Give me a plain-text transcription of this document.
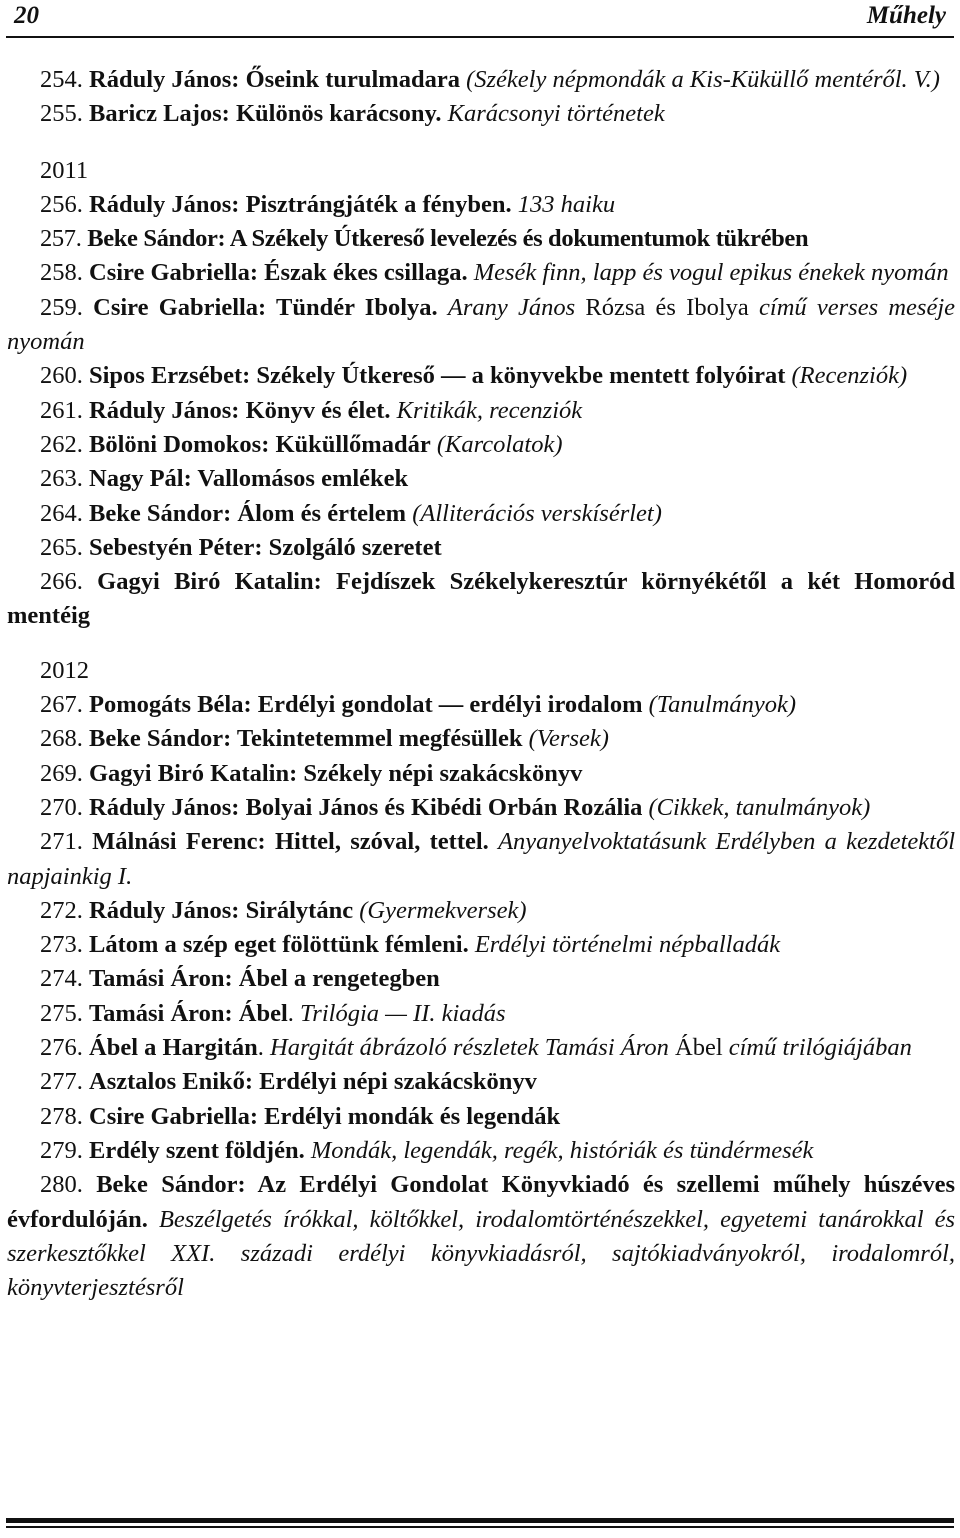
20	Műhely

254. Ráduly János: Őseink turulmadara (Székely népmondák a Kis-Küküllő mentéről. V.)

255. Baricz Lajos: Különös karácsony. Karácsonyi történetek

2011

256. Ráduly János: Pisztrángjáték a fényben. 133 haiku

257. Beke Sándor: A Székely Útkereső levelezés és dokumentumok tükrében

258. Csire Gabriella: Észak ékes csillaga. Mesék finn, lapp és vogul epikus énekek nyomán

259. Csire Gabriella: Tündér Ibolya. Arany János Rózsa és Ibolya című verses meséje nyomán

260. Sipos Erzsébet: Székely Útkereső — a könyvekbe mentett folyóirat (Recenziók)

261. Ráduly János: Könyv és élet. Kritikák, recenziók

262. Bölöni Domokos: Küküllőmadár (Karcolatok)

263. Nagy Pál: Vallomásos emlékek

264. Beke Sándor: Álom és értelem (Alliterációs verskísérlet)

265. Sebestyén Péter: Szolgáló szeretet

266. Gagyi Biró Katalin: Fejdíszek Székelykeresztúr környékétől a két Homoród mentéig

2012

267. Pomogáts Béla: Erdélyi gondolat — erdélyi irodalom (Tanulmányok)

268. Beke Sándor: Tekintetemmel megfésüllek (Versek)

269. Gagyi Biró Katalin: Székely népi szakácskönyv

270. Ráduly János: Bolyai János és Kibédi Orbán Rozália (Cikkek, tanulmányok)

271. Málnási Ferenc: Hittel, szóval, tettel. Anyanyelvoktatásunk Erdélyben a kezdetektől napjainkig I.

272. Ráduly János: Sirálytánc (Gyermekversek)

273. Látom a szép eget fölöttünk fémleni. Erdélyi történelmi népballadák

274. Tamási Áron: Ábel a rengetegben

275. Tamási Áron: Ábel. Trilógia — II. kiadás

276. Ábel a Hargitán. Hargitát ábrázoló részletek Tamási Áron Ábel című trilógiájában

277. Asztalos Enikő: Erdélyi népi szakácskönyv

278. Csire Gabriella: Erdélyi mondák és legendák

279. Erdély szent földjén. Mondák, legendák, regék, históriák és tündérmesék

280. Beke Sándor: Az Erdélyi Gondolat Könyvkiadó és szellemi műhely húszéves évfordulóján. Beszélgetés írókkal, költőkkel, irodalomtörténészekkel, egyetemi tanárokkal és szerkesztőkkel XXI. századi erdélyi könyvkiadásról, sajtókiadványokról, irodalomról, könyvterjesztésről
